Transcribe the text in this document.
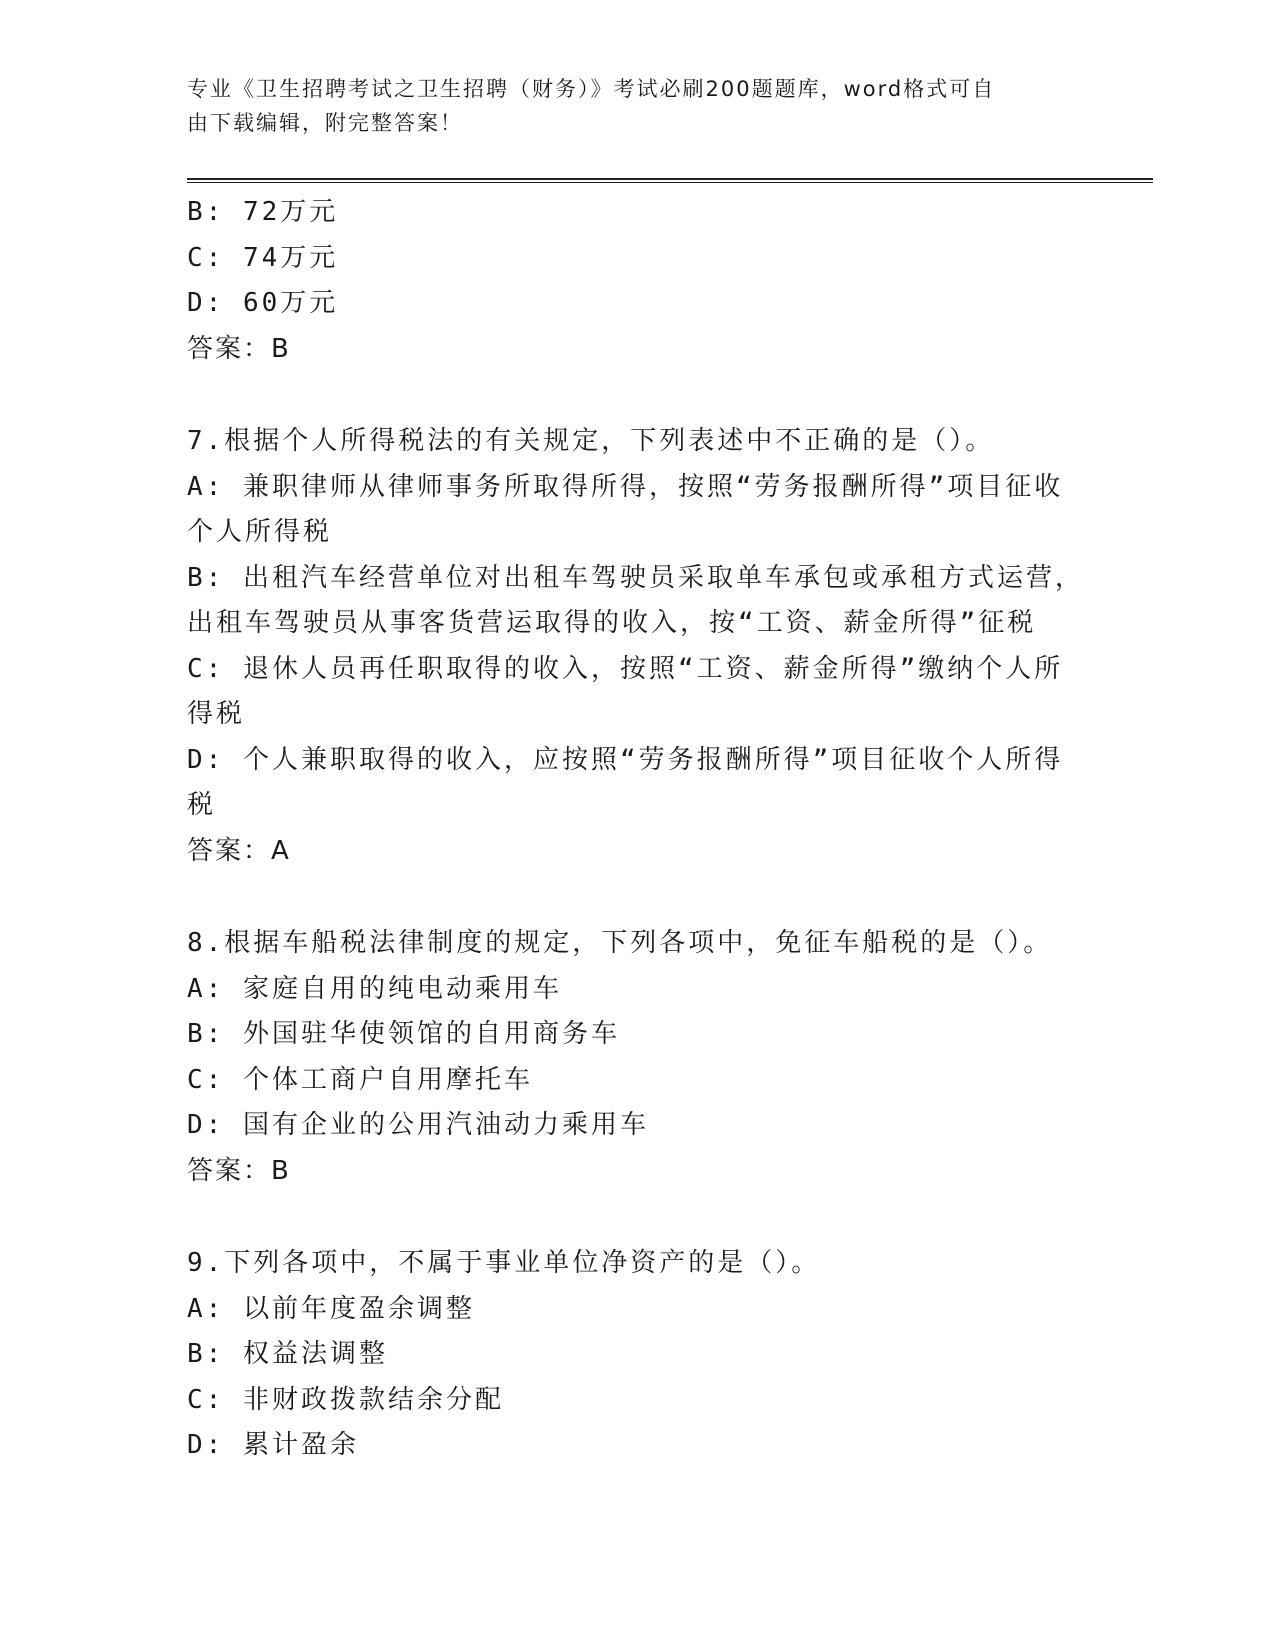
专业《卫生招聘考试之卫生招聘（财务）》考试必刷200题题库，word格式可自
由下载编辑，附完整答案！
B: 72万元
C: 74万元
D: 60万元
答案：B
7.根据个人所得税法的有关规定，下列表述中不正确的是（）。
A: 兼职律师从律师事务所取得所得，按照“劳务报酬所得”项目征收
个人所得税
B: 出租汽车经营单位对出租车驾驶员采取单车承包或承租方式运营，
出租车驾驶员从事客货营运取得的收入，按“工资、薪金所得”征税
C: 退休人员再任职取得的收入，按照“工资、薪金所得”缴纳个人所
得税
D: 个人兼职取得的收入，应按照“劳务报酬所得”项目征收个人所得
税
答案：A
8.根据车船税法律制度的规定，下列各项中，免征车船税的是（）。
A: 家庭自用的纯电动乘用车
B: 外国驻华使领馆的自用商务车
C: 个体工商户自用摩托车
D: 国有企业的公用汽油动力乘用车
答案：B
9.下列各项中，不属于事业单位净资产的是（）。
A: 以前年度盈余调整
B: 权益法调整
C: 非财政拨款结余分配
D: 累计盈余
